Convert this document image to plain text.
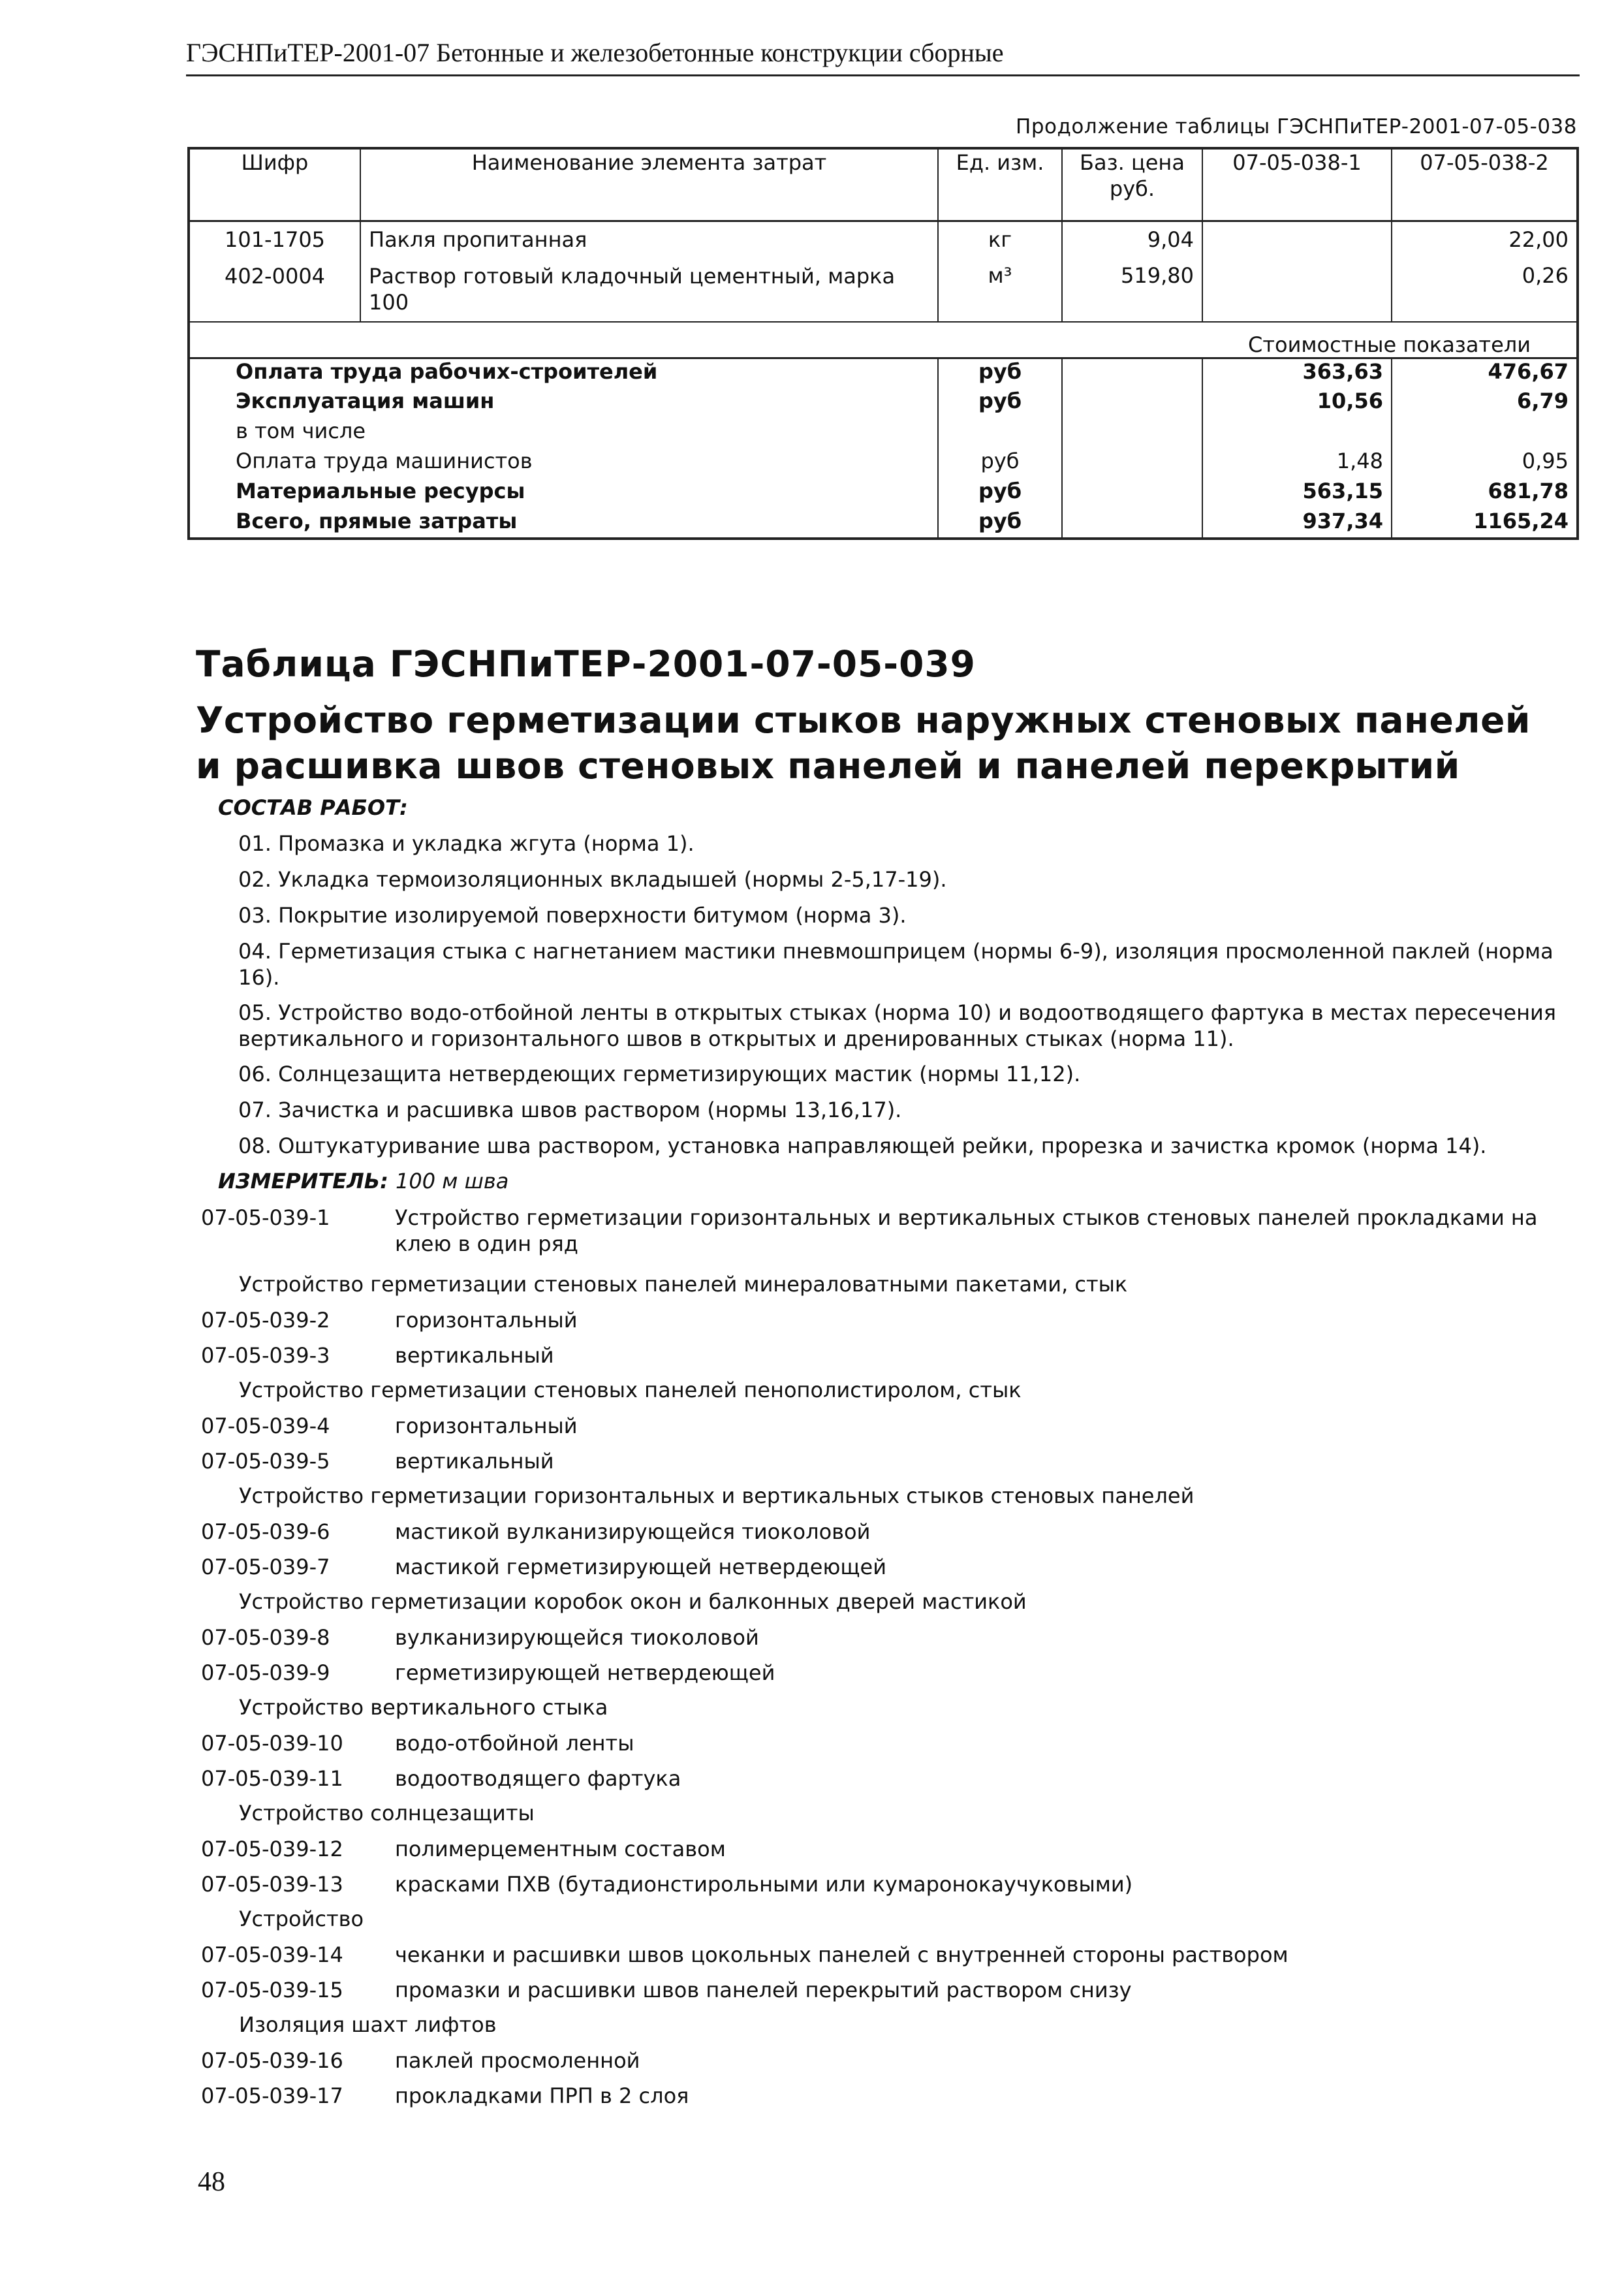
ГЭСНПиТЕР-2001-07 Бетонные и железобетонные конструкции сборные
Продолжение таблицы ГЭСНПиТЕР-2001-07-05-038
Шифр	Наименование элемента затрат	Ед. изм.	Баз. цена руб.	07-05-038-1	07-05-038-2
101-1705	Пакля пропитанная	кг	9,04		22,00
402-0004	Раствор готовый кладочный цементный, марка 100	м³	519,80		0,26
				Стоимостные показатели	
Оплата труда рабочих-строителей		руб		363,63	476,67
Эксплуатация машин		руб		10,56	6,79
в том числе					
Оплата труда машинистов		руб		1,48	0,95
Материальные ресурсы		руб		563,15	681,78
Всего, прямые затраты		руб		937,34	1165,24
Таблица ГЭСНПиТЕР-2001-07-05-039
Устройство герметизации стыков наружных стеновых панелей и расшивка швов стеновых панелей и панелей перекрытий
СОСТАВ РАБОТ:
01. Промазка и укладка жгута (норма 1).
02. Укладка термоизоляционных вкладышей (нормы 2-5,17-19).
03. Покрытие изолируемой поверхности битумом (норма 3).
04. Герметизация стыка с нагнетанием мастики пневмошприцем (нормы 6-9), изоляция просмоленной паклей (норма 16).
05. Устройство водо-отбойной ленты в открытых стыках (норма 10) и водоотводящего фартука в местах пересечения вертикального и горизонтального швов в открытых и дренированных стыках (норма 11).
06. Солнцезащита нетвердеющих герметизирующих мастик (нормы 11,12).
07. Зачистка и расшивка швов раствором (нормы 13,16,17).
08. Оштукатуривание шва раствором, установка направляющей рейки, прорезка и зачистка кромок (норма 14).
ИЗМЕРИТЕЛЬ: 100 м шва
07-05-039-1	Устройство герметизации горизонтальных и вертикальных стыков стеновых панелей прокладками на клею в один ряд
Устройство герметизации стеновых панелей минераловатными пакетами, стык
07-05-039-2	горизонтальный
07-05-039-3	вертикальный
Устройство герметизации стеновых панелей пенополистиролом, стык
07-05-039-4	горизонтальный
07-05-039-5	вертикальный
Устройство герметизации горизонтальных и вертикальных стыков стеновых панелей
07-05-039-6	мастикой вулканизирующейся тиоколовой
07-05-039-7	мастикой герметизирующей нетвердеющей
Устройство герметизации коробок окон и балконных дверей мастикой
07-05-039-8	вулканизирующейся тиоколовой
07-05-039-9	герметизирующей нетвердеющей
Устройство вертикального стыка
07-05-039-10 водо-отбойной ленты
07-05-039-11 водоотводящего фартука
Устройство солнцезащиты
07-05-039-12 полимерцементным составом
07-05-039-13 красками ПХВ (бутадионстирольными или кумаронокаучуковыми)
Устройство
07-05-039-14 чеканки и расшивки швов цокольных панелей с внутренней стороны раствором
07-05-039-15 промазки и расшивки швов панелей перекрытий раствором снизу
Изоляция шахт лифтов
07-05-039-16 паклей просмоленной
07-05-039-17 прокладками ПРП в 2 слоя
48
